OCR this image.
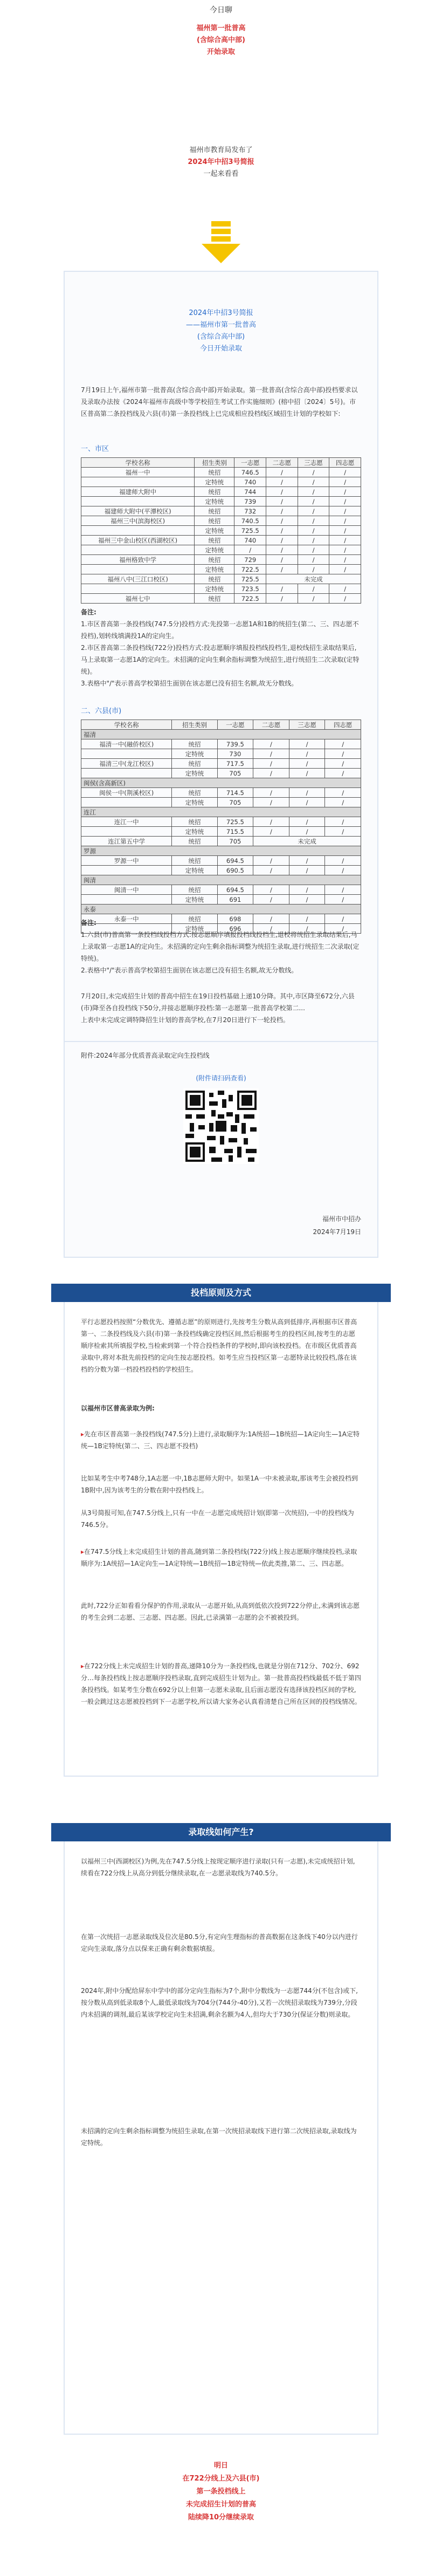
今日聊
福州第一批普高
(含综合高中部)
开始录取
福州市教育局发布了
2024年中招3号简报
一起来看看
2024年中招3号简报
——福州市第一批普高
(含综合高中部)
今日开始录取
7月19日上午,福州市第一批普高(含综合高中部)开始录取。第一批普高(含综合高中部)投档要求以及录取办法按《2024年福州市高级中等学校招生考试工作实施细则》(榕中招〔2024〕5号)。市区普高第二条投档线及六县(市)第一条投档线上已完成相应投档线区域招生计划的学校如下:
一、市区
学校名称	招生类别	一志愿	二志愿	三志愿	四志愿
福州一中	统招	746.5	/	/	/
	定特统	740	/	/	/
福建师大附中	统招	744	/	/	/
	定特统	739	/	/	/
福建师大附中(平潭校区)	统招	732	/	/	/
福州三中(滨海校区)	统招	740.5	/	/	/
	定特统	725.5	/	/	/
福州三中金山校区(西湖校区)	统招	740	/	/	/
	定特统	/	/	/	/
福州格致中学	统招	729	/	/	/
	定特统	722.5	/	/	/
福州八中(三江口校区)	统招	725.5	未完成		
	定特统	723.5	/	/	/
福州七中	统招	722.5	/	/	/
备注:
1.市区普高第一条投档线(747.5分)投档方式:先投第一志愿1A和1B的统招生(第二、三、四志愿不投档),划转线填满投1A的定向生。
2.市区普高第二条投档线(722分)投档方式:投志愿顺序填报投档线投档生,退校线招生录取结果后,马上录取第一志愿1A的定向生。未招满的定向生剩余指标调整为统招生,进行统招生二次录取(定特统)。
3.表格中"/"表示普高学校第招生面别在该志愿已没有招生名额,故无分数线。
二、六县(市)
学校名称	招生类别	一志愿	二志愿	三志愿	四志愿
福清					
福清一中(融侨校区)	统招	739.5	/	/	/
	定特统	730	/	/	/
福清三中(龙江校区)	统招	717.5	/	/	/
	定特统	705	/	/	/
闽侯(含高新区)					
闽侯一中(荆溪校区)	统招	714.5	/	/	/
	定特统	705	/	/	/
连江					
连江一中	统招	725.5	/	/	/
	定特统	715.5	/	/	/
连江第五中学	统招	705	未完成		
罗源					
罗源一中	统招	694.5	/	/	/
	定特统	690.5	/	/	/
闽清					
闽清一中	统招	694.5	/	/	/
	定特统	691	/	/	/
永泰					
永泰一中	统招	698	/	/	/
	定特统	696	/	/	/
备注:
1.六县(市)普高第一条投档线投档方式:按志愿顺序填报投档线投档生,退校将统招生录取结果后,马上录取第一志愿1A的定向生。未招满的定向生剩余指标调整为统招生录取,进行统招生二次录取(定特统)。
2.表格中"/"表示普高学校第招生面别在该志愿已没有招生名额,故无分数线。
7月20日,未完成招生计划的普高中招生在19日投档基础上递10分降。其中,市区降至672分,六县(市)降至各自投档线下50分,并接志愿顺序投档:第一志愿第一批普高学校第二...
上表中未完成定调特降招生计划的普高学校,在7月20日进行下一轮投档。
附件:2024年部分优质普高录取定向生投档线
(附件请扫码查看)
福州市中招办
2024年7月19日
投档原则及方式
平行志愿投档按照“分数优先、遵循志愿”的原则进行,先按考生分数从高到低排序,再根据市区普高第一、二条投档线及六县(市)第一条投档线确定投档区间,然后根据考生的投档区间,按考生的志愿顺序检索其所填报学校,当检索到第一个符合投档条件的学校时,即向该校投档。在市级区优质普高录取中,将对本批先前投档的定向生按志愿投档。如考生应当投档区第一志愿特录比较投档,落在该档的分数为第一档投档投档的学校招生。
以福州市区普高录取为例:
▸先在市区普高第一条投档线(747.5分)上进行,录取顺序为:1A统招—1B统招—1A定向生—1A定特统—1B定特统(第二、三、四志愿不投档)
比如某考生中考748分,1A志愿一中,1B志愿师大附中。如果1A一中未被录取,那该考生会被投档到1B附中,因为该考生的分数在附中投档线上。
从3号简报可知,在747.5分线上,只有一中在一志愿完成统招计划(即第一次统招),一中的投档线为746.5分。
▸在747.5分线上未完成招生计划的普高,随到第二条投档线(722分)线上按志愿顺序继续投档,录取顺序为:1A统招—1A定向生—1A定特统—1B统招—1B定特统—依此类推,第二、三、四志愿。
此时,722分正如看看分保护的作用,录取从一志愿开始,从高到低依次投到722分停止,未满到该志愿的考生会到二志愿、三志愿、四志愿。因此,已录满第一志愿的会不被被投到。
▸在722分线上未完成招生计划的普高,递降10分为一条投档线,也就是分别在712分、702分、692分…每条投档线上按志愿顺序投档录取,直到完成招生计划为止。第一批普高投档线最低不低于第四条投档线。如某考生分数在692分以上但第一志愿未录取,且后面志愿没有选择该投档区间的学校,一般会跳过这志愿被投档到下一志愿学校,所以请大家务必认真看清楚自己所在区间的投档线情况。
录取线如何产生?
以福州三中(西湖校区)为例,先在747.5分线上按现定顺序进行录取(只有一志愿),未完成统招计划,续看在722分线上从高分到低分继续录取,在一志愿录取线为740.5分。
在第一次统招一志愿录取线及位次是80.5分,有定向生理指标的普高数据在这条线下40分以内进行定向生录取,落分点以保来正确有剩余数据填报。
2024年,附中分配给屏东中学中的部分定向生指标为7个,附中分数线为一志愿744分(不包含)或下,按分数从高到低录取8个人,最低录取线为704分(744分-40分),又若一次统招录取线为739分,分段内未招满的调剂,最后某该学校定向生未招满,剩余名额为4人,但均大于730分(保证分数)则录取。
未招满的定向生剩余指标调整为统招生录取,在第一次统招录取线下进行第二次统招录取,录取线为定特统。
明日
在722分线上及六县(市)
第一条投档线上
未完成招生计划的普高
陆续降10分继续录取
